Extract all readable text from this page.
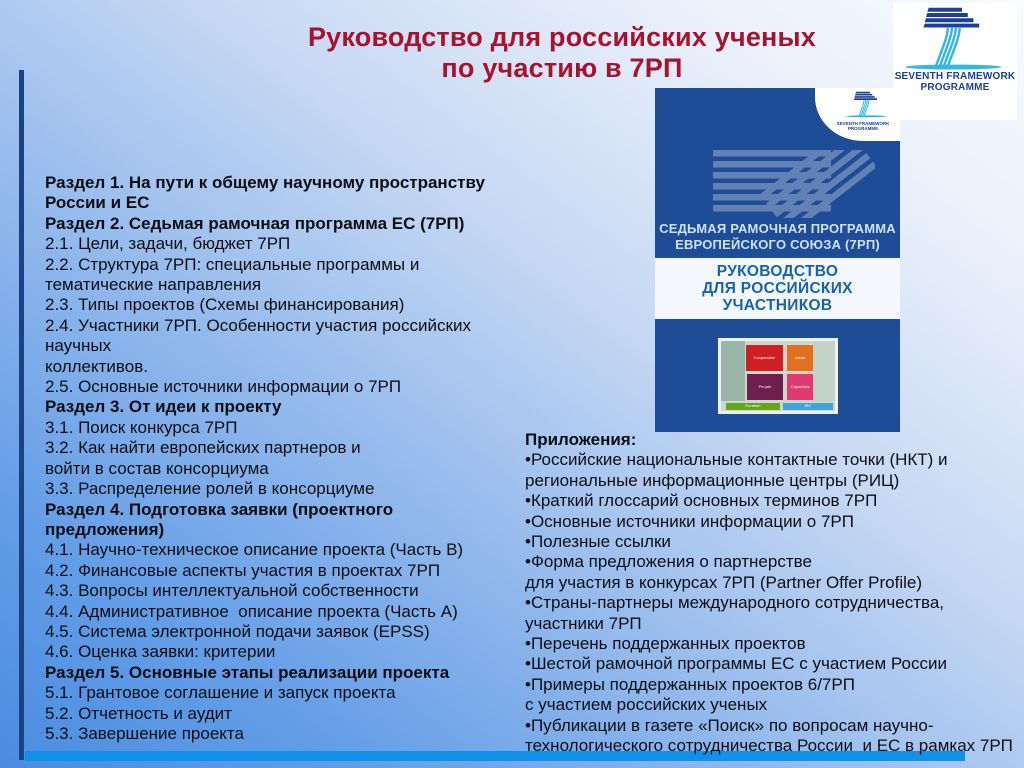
Руководство для российских ученых
по участию в 7РП	SEVENTH FRAMEWORK
PROGRAMME
SEVENTH FRAMEWORK
PROGRAMME
СЕДЬМАЯ РАМОЧНАЯ ПРОГРАММА
ЕВРОПЕЙСКОГО СОЮЗА (7РП)
РУКОВОДСТВО
ДЛЯ РОССИЙСКИХ
УЧАСТНИКОВ
Cooperation	Ideas
People	Capacities
Euratom	JRC
Раздел 1. На пути к общему научному пространству
России и ЕС
Раздел 2. Седьмая рамочная программа ЕС (7РП)
2.1. Цели, задачи, бюджет 7РП
2.2. Структура 7РП: специальные программы и
тематические направления
2.3. Типы проектов (Схемы финансирования)
2.4. Участники 7РП. Особенности участия российских
научных
коллективов.
2.5. Основные источники информации о 7РП
Раздел 3. От идеи к проекту
3.1. Поиск конкурса 7РП
3.2. Как найти европейских партнеров и
войти в состав консорциума
3.3. Распределение ролей в консорциуме
Раздел 4. Подготовка заявки (проектного
предложения)
4.1. Научно-техническое описание проекта (Часть B)
4.2. Финансовые аспекты участия в проектах 7РП
4.3. Вопросы интеллектуальной собственности
4.4. Административное  описание проекта (Часть А)
4.5. Система электронной подачи заявок (EPSS)
4.6. Оценка заявки: критерии
Раздел 5. Основные этапы реализации проекта
5.1. Грантовое соглашение и запуск проекта
5.2. Отчетность и аудит
5.3. Завершение проекта
Приложения:
•Российские национальные контактные точки (НКТ) и
региональные информационные центры (РИЦ)
•Краткий глоссарий основных терминов 7РП
•Основные источники информации о 7РП
•Полезные ссылки
•Форма предложения о партнерстве
для участия в конкурсах 7РП (Partner Offer Profile)
•Страны-партнеры международного сотрудничества,
участники 7РП
•Перечень поддержанных проектов
•Шестой рамочной программы ЕС с участием России
•Примеры поддержанных проектов 6/7РП
с участием российских ученых
•Публикации в газете «Поиск» по вопросам научно-
технологического сотрудничества России  и ЕС в рамках 7РП
